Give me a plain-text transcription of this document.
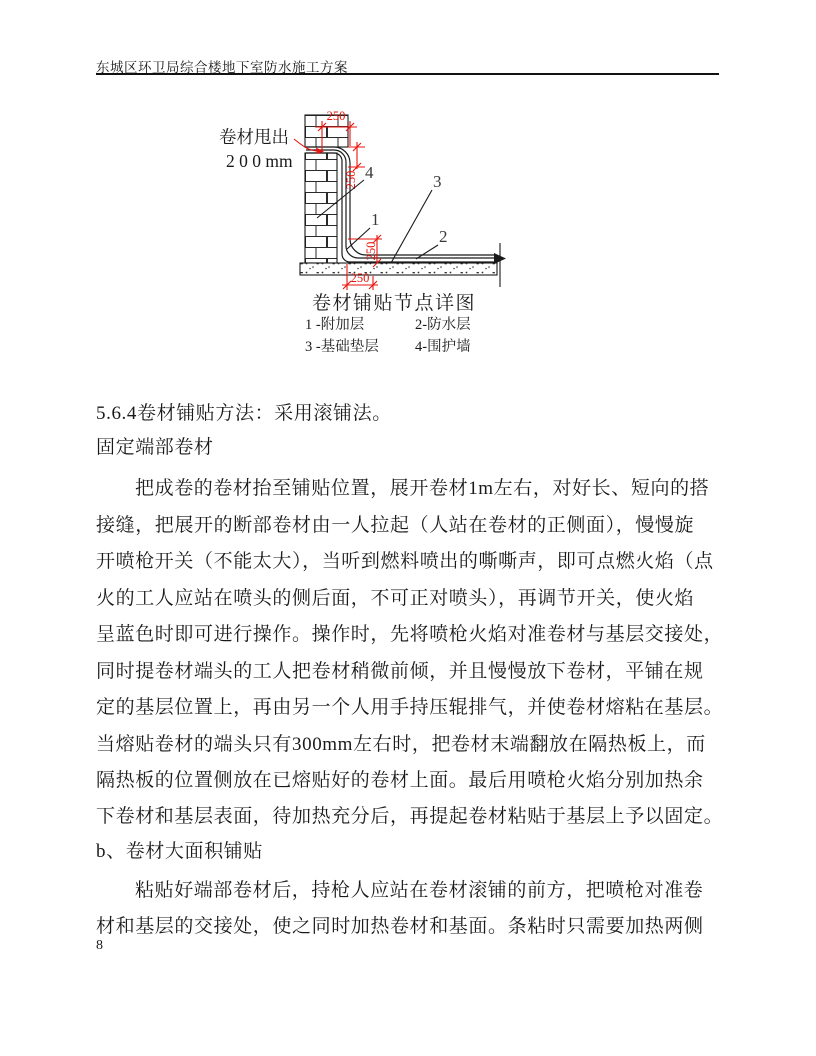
东城区环卫局综合楼地下室防水施工方案
250
250
250
250
卷材甩出
2 0 0 mm
4	3
1
2
卷材铺贴节点详图
1 -附加层	2-防水层
3 -基础垫层	4-围护墙
5.6.4卷材铺贴方法：采用滚铺法。
固定端部卷材
把成卷的卷材抬至铺贴位置，展开卷材1m左右，对好长、短向的搭
接缝，把展开的断部卷材由一人拉起（人站在卷材的正侧面），慢慢旋
开喷枪开关（不能太大），当听到燃料喷出的嘶嘶声，即可点燃火焰（点
火的工人应站在喷头的侧后面，不可正对喷头），再调节开关，使火焰
呈蓝色时即可进行操作。操作时，先将喷枪火焰对准卷材与基层交接处，
同时提卷材端头的工人把卷材稍微前倾，并且慢慢放下卷材，平铺在规
定的基层位置上，再由另一个人用手持压辊排气，并使卷材熔粘在基层。
当熔贴卷材的端头只有300mm左右时，把卷材末端翻放在隔热板上，而
隔热板的位置侧放在已熔贴好的卷材上面。最后用喷枪火焰分别加热余
下卷材和基层表面，待加热充分后，再提起卷材粘贴于基层上予以固定。
b、卷材大面积铺贴
粘贴好端部卷材后，持枪人应站在卷材滚铺的前方，把喷枪对准卷
材和基层的交接处，使之同时加热卷材和基面。条粘时只需要加热两侧
8
